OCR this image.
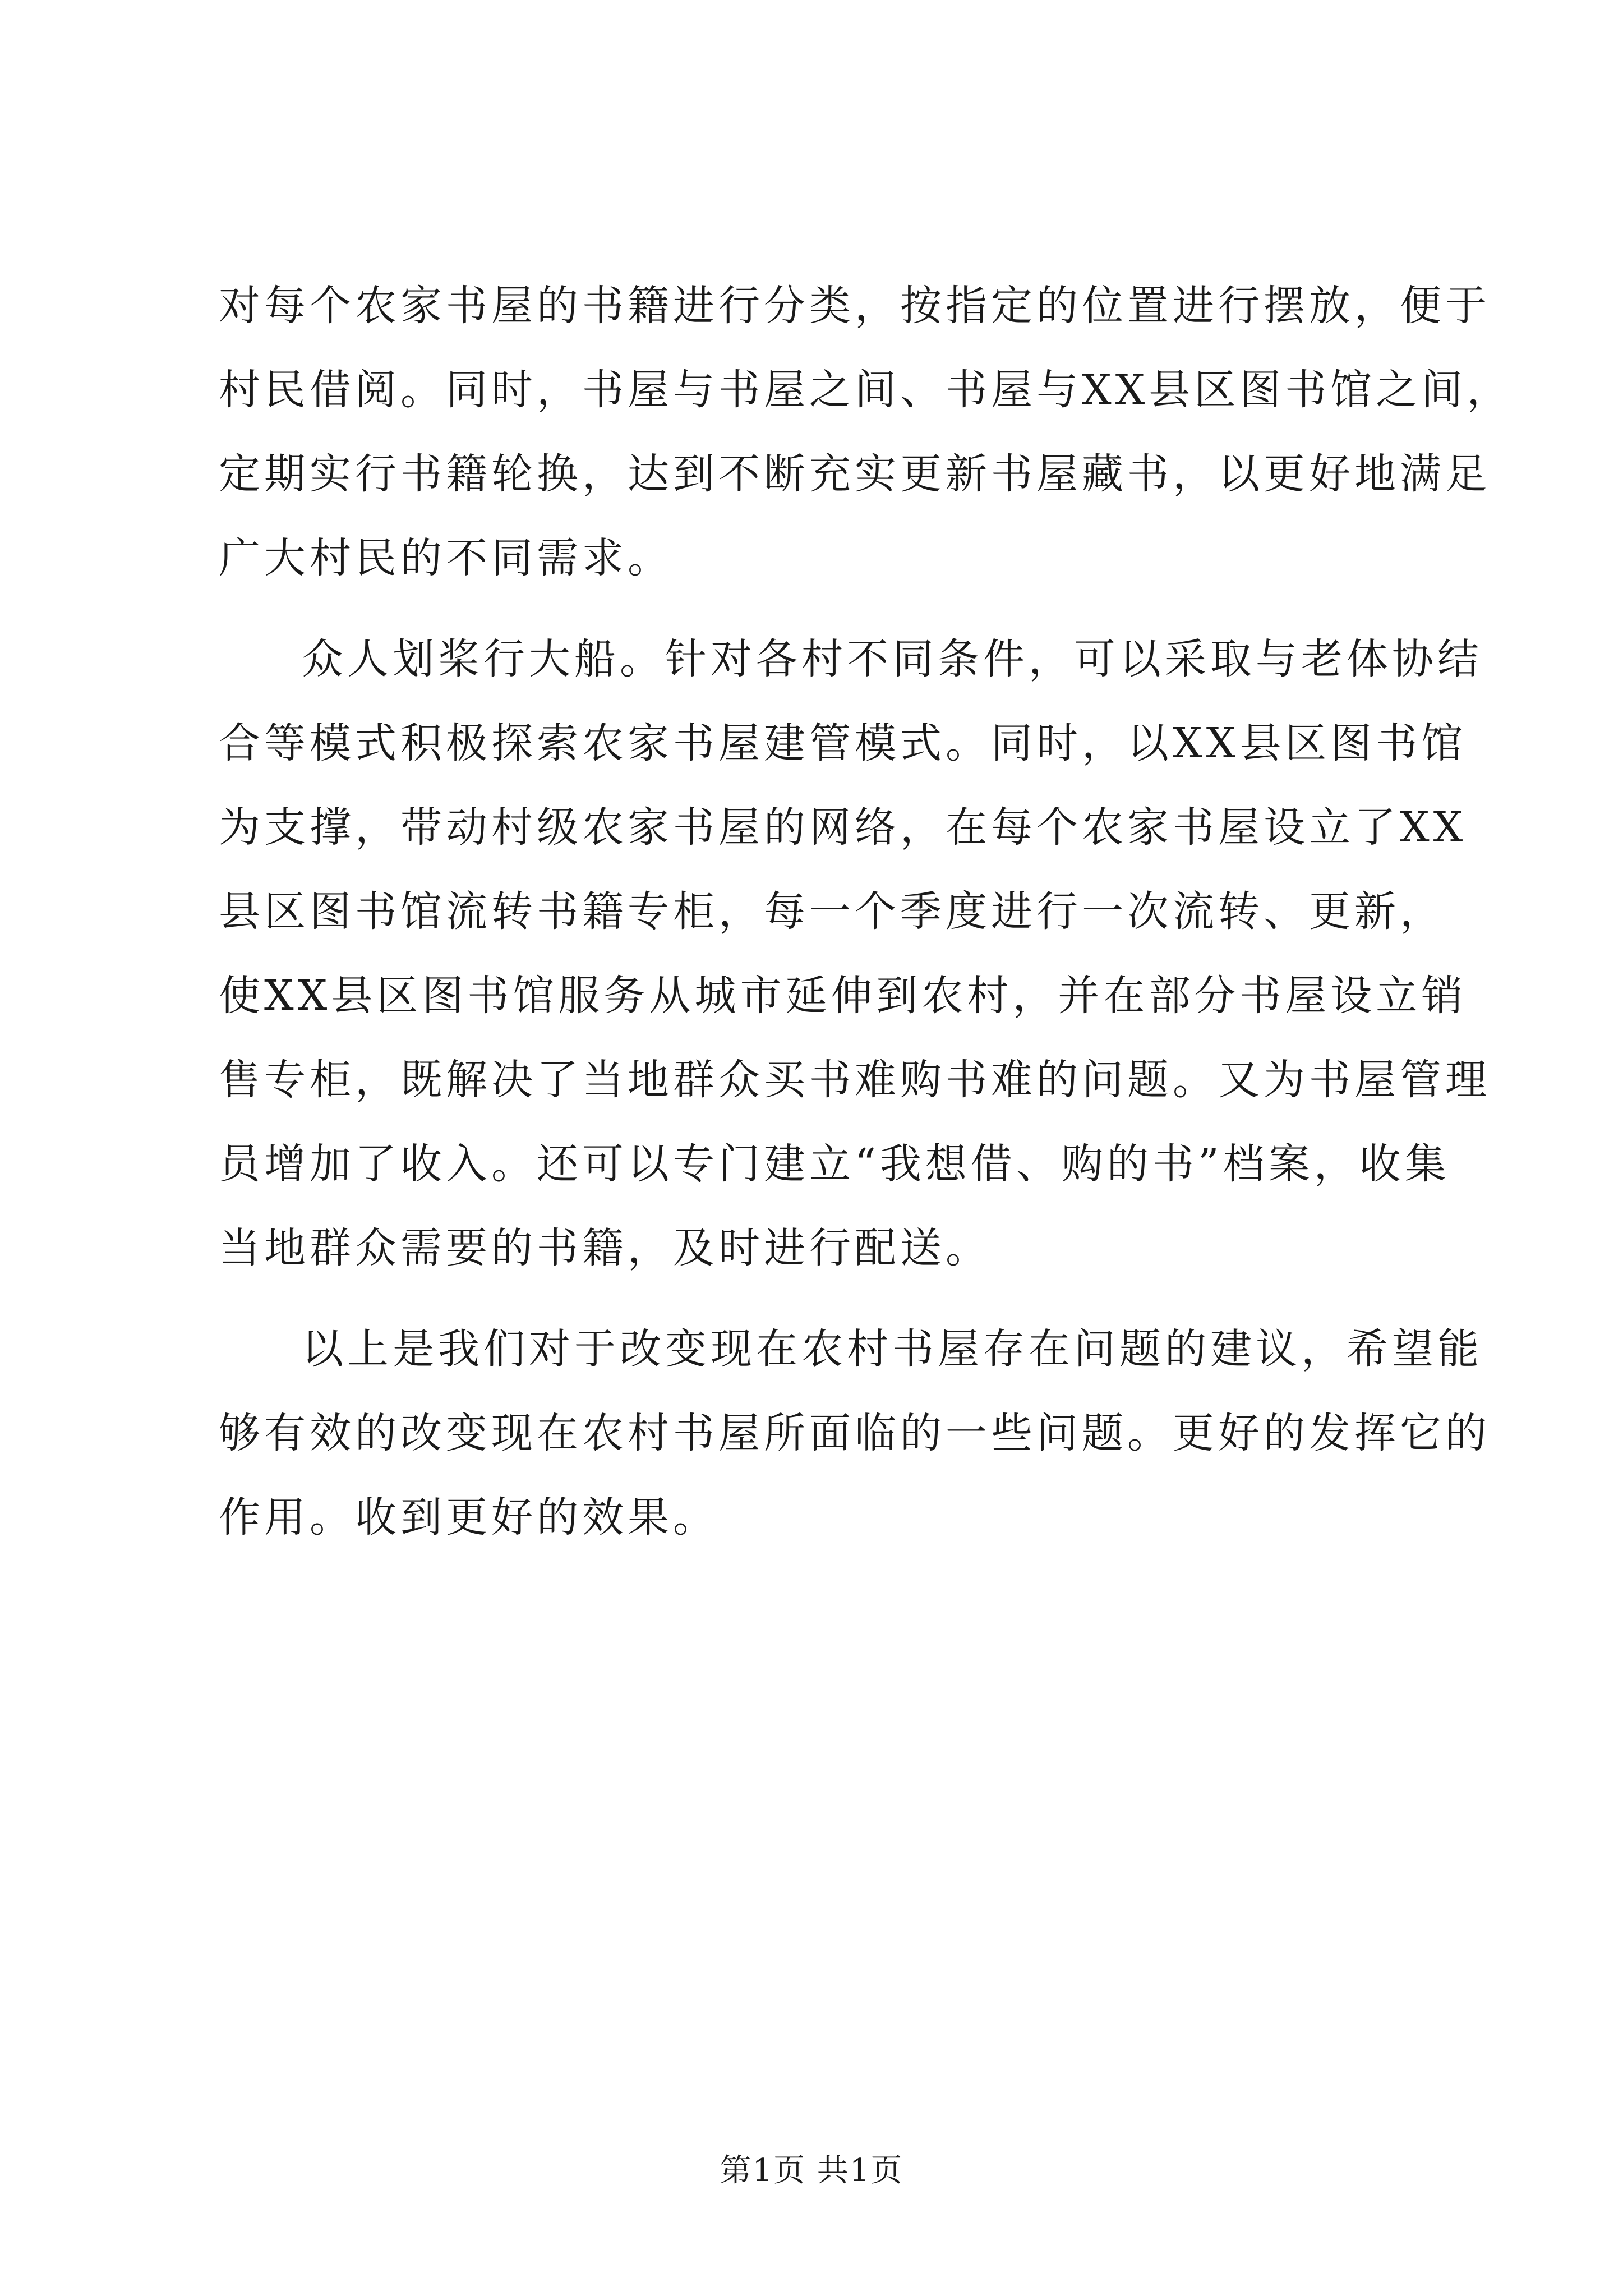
对每个农家书屋的书籍进行分类，按指定的位置进行摆放，便于
村民借阅。同时，书屋与书屋之间、书屋与XX县区图书馆之间，
定期实行书籍轮换，达到不断充实更新书屋藏书，以更好地满足
广大村民的不同需求。
众人划桨行大船。针对各村不同条件，可以采取与老体协结
合等模式积极探索农家书屋建管模式。同时，以XX县区图书馆
为支撑，带动村级农家书屋的网络，在每个农家书屋设立了XX
县区图书馆流转书籍专柜，每一个季度进行一次流转、更新，
使XX县区图书馆服务从城市延伸到农村，并在部分书屋设立销
售专柜，既解决了当地群众买书难购书难的问题。又为书屋管理
员增加了收入。还可以专门建立“我想借、购的书”档案，收集
当地群众需要的书籍，及时进行配送。
以上是我们对于改变现在农村书屋存在问题的建议，希望能
够有效的改变现在农村书屋所面临的一些问题。更好的发挥它的
作用。收到更好的效果。
第1页 共1页
